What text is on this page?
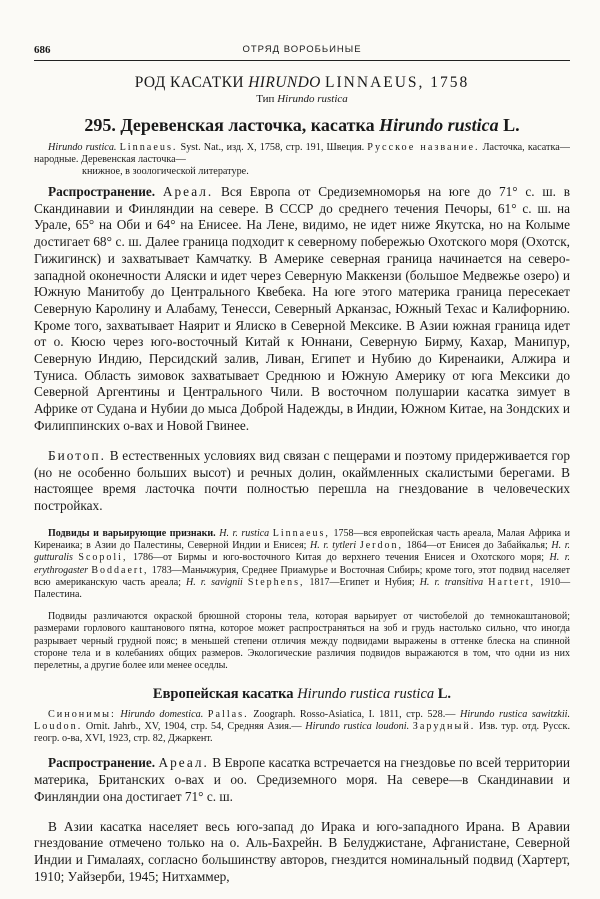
686	ОТРЯД ВОРОБЬИНЫЕ
РОД КАСАТКИ HIRUNDO LINNAEUS, 1758
Тип Hirundo rustica
295. Деревенская ласточка, касатка Hirundo rustica L.
Hirundo rustica. Linnaeus. Syst. Nat., изд. X, 1758, стр. 191, Швеция. Русское название. Ласточка, касатка—народные. Деревенская ласточка—
книжное, в зоологической литературе.

Распространение. Ареал. Вся Европа от Средиземноморья на юге до 71° с. ш. в Скандинавии и Финляндии на севере. В СССР до среднего течения Печоры, 61° с. ш. на Урале, 65° на Оби и 64° на Енисее. На Лене, видимо, не идет ниже Якутска, но на Колыме достигает 68° с. ш. Далее граница подходит к северному побережью Охотского моря (Охотск, Гижигинск) и захватывает Камчатку. В Америке северная граница начинается на северо-западной оконечности Аляски и идет через Северную Маккензи (большое Медвежье озеро) и Южную Манитобу до Центрального Квебека. На юге этого материка граница пересекает Северную Каролину и Алабаму, Тенесси, Северный Арканзас, Южный Техас и Калифорнию. Кроме того, захватывает Наярит и Ялиско в Северной Мексике. В Азии южная граница идет от о. Кюсю через юго-восточный Китай к Юннани, Северную Бирму, Кахар, Манипур, Северную Индию, Персидский залив, Ливан, Египет и Нубию до Киренаики, Алжира и Туниса. Область зимовок захватывает Среднюю и Южную Америку от юга Мексики до Северной Аргентины и Центрального Чили. В восточном полушарии касатка зимует в Африке от Судана и Нубии до мыса Доброй Надежды, в Индии, Южном Китае, на Зондских и Филиппинских о-вах и Новой Гвинее.

Биотоп. В естественных условиях вид связан с пещерами и поэтому придерживается гор (но не особенно больших высот) и речных долин, окаймленных скалистыми берегами. В настоящее время ласточка почти полностью перешла на гнездование в человеческих постройках.

Подвиды и варьирующие признаки. H. r. rustica Linnaeus, 1758—вся европейская часть ареала, Малая Африка и Киренаика; в Азии до Палестины, Северной Индии и Енисея; H. r. tytleri Jerdon, 1864—от Енисея до Забайкалья; H. r. gutturalis Scopoli, 1786—от Бирмы и юго-восточного Китая до верхнего течения Енисея и Охотского моря; H. r. erythrogaster Boddaert, 1783—Маньчжурия, Среднее Приамурье и Восточная Сибирь; кроме того, этот подвид населяет всю американскую часть ареала; H. r. savignii Stephens, 1817—Египет и Нубия; H. r. transitiva Hartert, 1910—Палестина.

Подвиды различаются окраской брюшной стороны тела, которая варьирует от чистобелой до темнокаштановой; размерами горлового каштанового пятна, которое может распространяться на зоб и грудь настолько сильно, что иногда разрывает черный грудной пояс; в меньшей степени отличия между подвидами выражены в оттенке блеска на спинной стороне тела и в колебаниях общих размеров. Экологические различия подвидов выражаются в том, что одни из них перелетны, а другие более или менее оседлы.

Европейская касатка Hirundo rustica rustica L.
Синонимы: Hirundo domestica. Pallas. Zoograph. Rosso-Asiatica, I. 1811, стр. 528.— Hirundo rustica sawitzkii. Loudon. Ornit. Jahrb., XV, 1904, стр. 54, Средняя Азия.— Hirundo rustica loudoni. Зарудный. Изв. тур. отд. Русск. геогр. о-ва, XVI, 1923, стр. 82, Джаркент.

Распространение. Ареал. В Европе касатка встречается на гнездовье по всей территории материка, Британских о-вах и оо. Средиземного моря. На севере—в Скандинавии и Финляндии она достигает 71° с. ш.

В Азии касатка населяет весь юго-запад до Ирака и юго-западного Ирана. В Аравии гнездование отмечено только на о. Аль-Бахрейн. В Белуджистане, Афганистане, Северной Индии и Гималаях, согласно большинству авторов, гнездится номинальный подвид (Хартерт, 1910; Уайзерби, 1945; Нитхаммер,
